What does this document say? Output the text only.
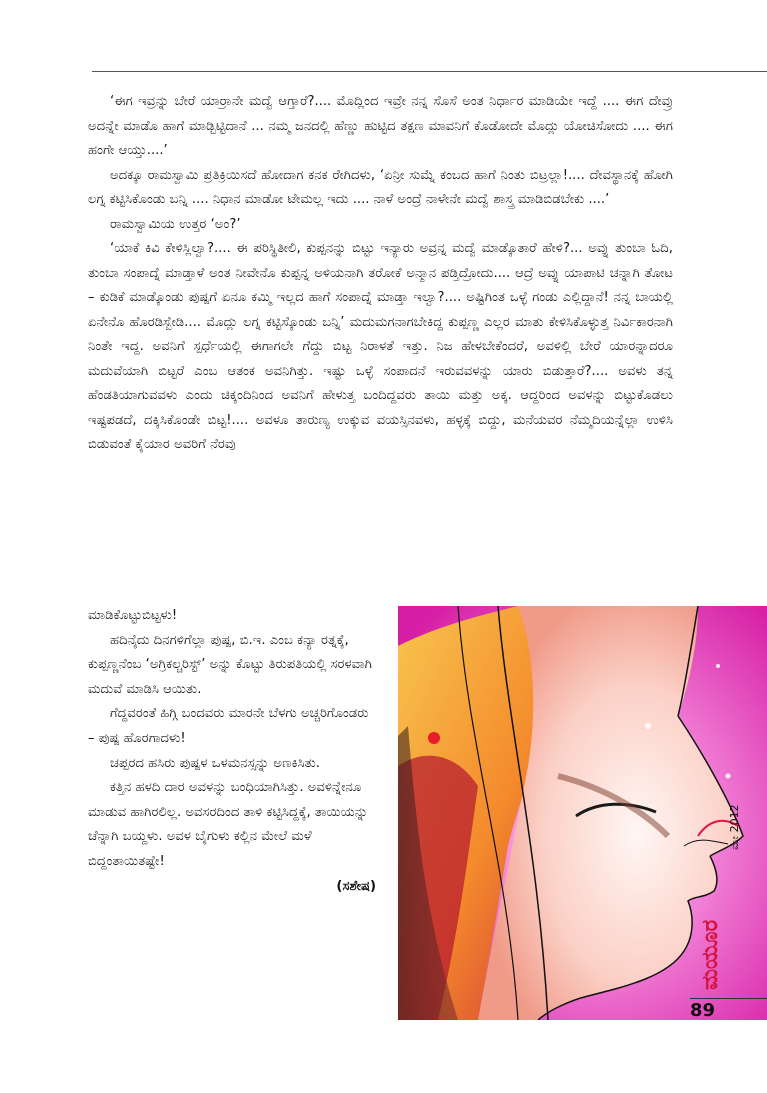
‘ಈಗ ಇವ್ರನ್ನು ಬೇರೆ ಯಾರ್ರಾನೇ ಮದ್ವೆ ಆಗ್ತಾರೆ?.... ಮೊದ್ಲಿಂದ ಇವ್ರೇ ನನ್ನ ಸೊಸೆ ಅಂತ ನಿರ್ಧಾರ ಮಾಡಿಯೇ ಇದ್ದೆ .... ಈಗ ದೇವ್ರು ಅದನ್ನೇ ಮಾಡೊ ಹಾಗೆ ಮಾಡ್ಬಿಟ್ಟಿದಾನೆ ... ನಮ್ಮ ಜನದಲ್ಲಿ ಹೆಣ್ಣು ಹುಟ್ಟಿದ ತಕ್ಷಣ ಮಾವನಿಗೆ ಕೊಡೋದೇ ಮೊದ್ಲು ಯೋಚಿಸೋದು .... ಈಗ ಹಂಗೇ ಆಯ್ತು....’

ಅದಕ್ಕೂ ರಾಮಸ್ವಾಮಿ ಪ್ರತಿಕ್ರಿಯಿಸದೆ ಹೋದಾಗ ಕನಕ ರೇಗಿದಳು, ‘ಏನ್ರೀ ಸುಮ್ನೆ ಕಂಬದ ಹಾಗೆ ನಿಂತು ಬಿಟ್ರಲ್ಲಾ!.... ದೇವಸ್ಥಾನಕ್ಕೆ ಹೋಗಿ ಲಗ್ನ ಕಟ್ಟಿಸಿಕೊಂಡು ಬನ್ನಿ .... ನಿಧಾನ ಮಾಡೋ ಟೇಮಲ್ಲ ಇದು .... ನಾಳೆ ಅಂದ್ರೆ ನಾಳೇನೇ ಮದ್ವೆ ಶಾಸ್ತ್ರ ಮಾಡಿಬಿಡಬೇಕು ....’

ರಾಮಸ್ವಾಮಿಯ ಉತ್ತರ ‘ಅಂ?’

‘ಯಾಕೆ ಕಿವಿ ಕೇಳಿಸ್ಲಿಲ್ವಾ?.... ಈ ಪರಿಸ್ಥಿತೀಲಿ, ಕುಪ್ಪನನ್ನು ಬಿಟ್ಟು ಇನ್ಯಾರು ಅವ್ರನ್ನ ಮದ್ವೆ ಮಾಡ್ಕೊತಾರೆ ಹೇಳಿ?... ಅವ್ನು ತುಂಬಾ ಓದಿ, ತುಂಬಾ ಸಂಪಾದ್ನೆ ಮಾಡ್ತಾಳೆ ಅಂತ ನೀವೇನೊ ಕುಪ್ಪನ್ನ ಅಳಿಯನಾಗಿ ತರೋಕೆ ಅನ್ಮಾನ ಪಡ್ತಿದ್ರೋದು.... ಆದ್ರೆ ಅವ್ನು ಯಾಪಾಟಿ ಚನ್ನಾಗಿ ತೋಟ – ಕುಡಿಕೆ ಮಾಡ್ಕೊಂಡು ಪುಷ್ಪಗೆ ಏನೂ ಕಮ್ಮಿ ಇಲ್ಲದ ಹಾಗೆ ಸಂಪಾದ್ನೆ ಮಾಡ್ತಾ ಇಲ್ವಾ?.... ಅಷ್ಟಿಗಿಂತ ಒಳ್ಳೆ ಗಂಡು ಎಲ್ಲಿದ್ದಾನೆ! ನನ್ನ ಬಾಯಲ್ಲಿ ಏನೇನೊ ಹೊರಡಿಸ್ಬೇಡಿ.... ಮೊದ್ಲು ಲಗ್ನ ಕಟ್ಟಿಸ್ಕೊಂಡು ಬನ್ನಿ’ ಮದುಮಗನಾಗಬೇಕಿದ್ದ ಕುಪ್ಪಣ್ಣ ಎಲ್ಲರ ಮಾತು ಕೇಳಿಸಿಕೊಳ್ಳುತ್ತ ನಿರ್ವಿಕಾರನಾಗಿ ನಿಂತೇ ಇದ್ದ. ಅವನಿಗೆ ಸ್ಪರ್ಧೆಯಲ್ಲಿ ಈಗಾಗಲೇ ಗೆದ್ದು ಬಿಟ್ಟ ನಿರಾಳತೆ ಇತ್ತು. ನಿಜ ಹೇಳಬೇಕೆಂದರೆ, ಅವಳಿಲ್ಲಿ ಬೇರೆ ಯಾರನ್ನಾದರೂ ಮದುವೆಯಾಗಿ ಬಿಟ್ಟರೆ ಎಂಬ ಆತಂಕ ಅವನಿಗಿತ್ತು. ಇಷ್ಟು ಒಳ್ಳೆ ಸಂಪಾದನೆ ಇರುವವಳನ್ನು ಯಾರು ಬಿಡುತ್ತಾರೆ?.... ಅವಳು ತನ್ನ ಹೆಂಡತಿಯಾಗುವವಳು ಎಂದು ಚಿಕ್ಕಂದಿನಿಂದ ಅವನಿಗೆ ಹೇಳುತ್ತ ಬಂದಿದ್ದವರು ತಾಯಿ ಮತ್ತು ಅಕ್ಕ. ಆದ್ದರಿಂದ ಅವಳನ್ನು ಬಿಟ್ಟುಕೊಡಲು ಇಷ್ಟಪಡದೆ, ದಕ್ಕಿಸಿಕೊಂಡೇ ಬಿಟ್ಟ!.... ಅವಳೂ ತಾರುಣ್ಯ ಉಕ್ಕುವ ವಯಸ್ಸಿನವಳು, ಹಳ್ಳಕ್ಕೆ ಬಿದ್ದು, ಮನೆಯವರ ನೆಮ್ಮದಿಯನ್ನೆಲ್ಲಾ ಉಳಿಸಿ ಬಿಡುವಂತೆ ಕೈಯಾರ ಅವರಿಗೆ ನೆರವು

ಮಾಡಿಕೊಟ್ಟುಬಿಟ್ಟಳು!

ಹದಿನೈದು ದಿನಗಳಿಗೆಲ್ಲಾ ಪುಷ್ಪ, ಬಿ.ಇ. ಎಂಬ ಕನ್ಯಾ ರತ್ನಕ್ಕೆ, ಕುಪ್ಪಣ್ಣನೆಂಬ ‘ಅಗ್ರಿಕಲ್ಚರಿಸ್ಟ್’ ಅನ್ನು ಕೊಟ್ಟು ತಿರುಪತಿಯಲ್ಲಿ ಸರಳವಾಗಿ ಮದುವೆ ಮಾಡಿಸಿ ಆಯಿತು.

ಗೆದ್ದವರಂತೆ ಹಿಗ್ಗಿ ಬಂದವರು ಮಾರನೇ ಬೆಳಗು ಅಚ್ಚರಿಗೊಂಡರು – ಪುಷ್ಪ ಹೊರಗಾದಳು!

ಚಪ್ಪರದ ಹಸಿರು ಪುಷ್ಪಳ ಒಳಮನಸ್ಸನ್ನು ಅಣಕಿಸಿತು.

ಕತ್ತಿನ ಹಳದಿ ದಾರ ಅವಳನ್ನು ಬಂಧಿಯಾಗಿಸಿತ್ತು. ಅವಳಿನ್ನೇನೂ ಮಾಡುವ ಹಾಗಿರಲಿಲ್ಲ. ಅವಸರದಿಂದ ತಾಳಿ ಕಟ್ಟಿಸಿದ್ದಕ್ಕೆ, ತಾಯಿಯನ್ನು ಚೆನ್ನಾಗಿ ಬಯ್ದಳು. ಅವಳ ಬೈಗುಳು ಕಲ್ಲಿನ ಮೇಲೆ ಮಳೆ ಬಿದ್ದಂತಾಯಿತಷ್ಟೇ!

(ಸಶೇಷ)

ಮೇ 2012
ಮಯೂರ
89
